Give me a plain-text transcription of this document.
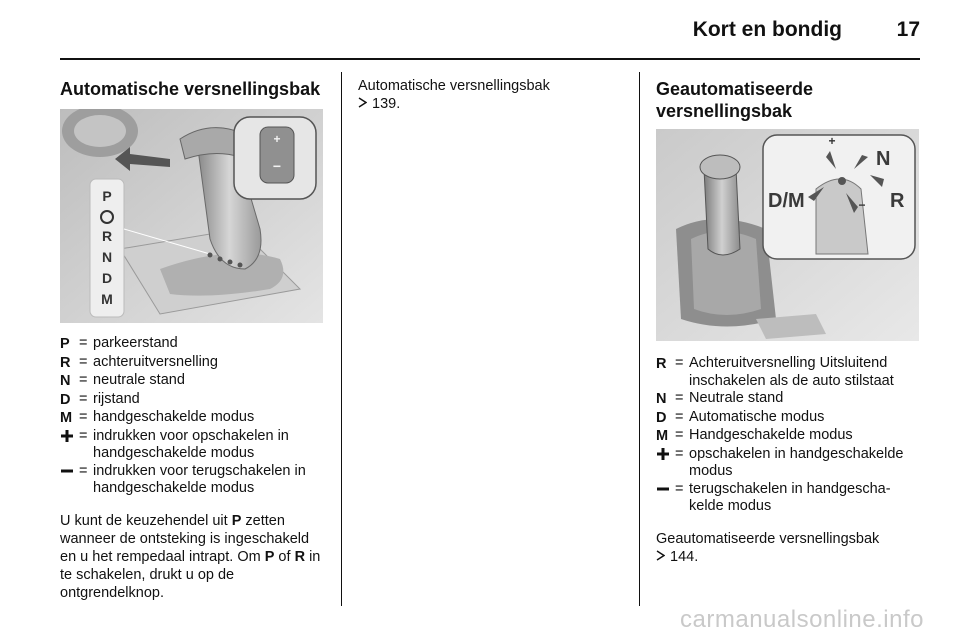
Kort en bondig	17
Automatische versnellingsbak
+
−
P
R
N
D
M
P = parkeerstand
R = achteruitversnelling
N = neutrale stand
D = rijstand
M = handgeschakelde modus
= indrukken voor opschakelen in handgeschakelde modus
= indrukken voor terugschakelen in handgeschakelde modus

U kunt de keuzehendel uit P zetten wanneer de ontsteking is ingeschakeld en u het rempedaal intrapt. Om P of R in te schakelen, drukt u op de ontgrendelknop.

Automatische versnellingsbak
139.
Geautomatiseerde
versnellingsbak
+
−
D/M
N
R
R = Achteruitversnelling Uitsluitend inschakelen als de auto stilstaat
N = Neutrale stand
D = Automatische modus
M = Handgeschakelde modus
= opschakelen in handgeschakelde modus
= terugschakelen in handgeschakelde modus
Geautomatiseerde versnellingsbak
144.
carmanualsonline.info
